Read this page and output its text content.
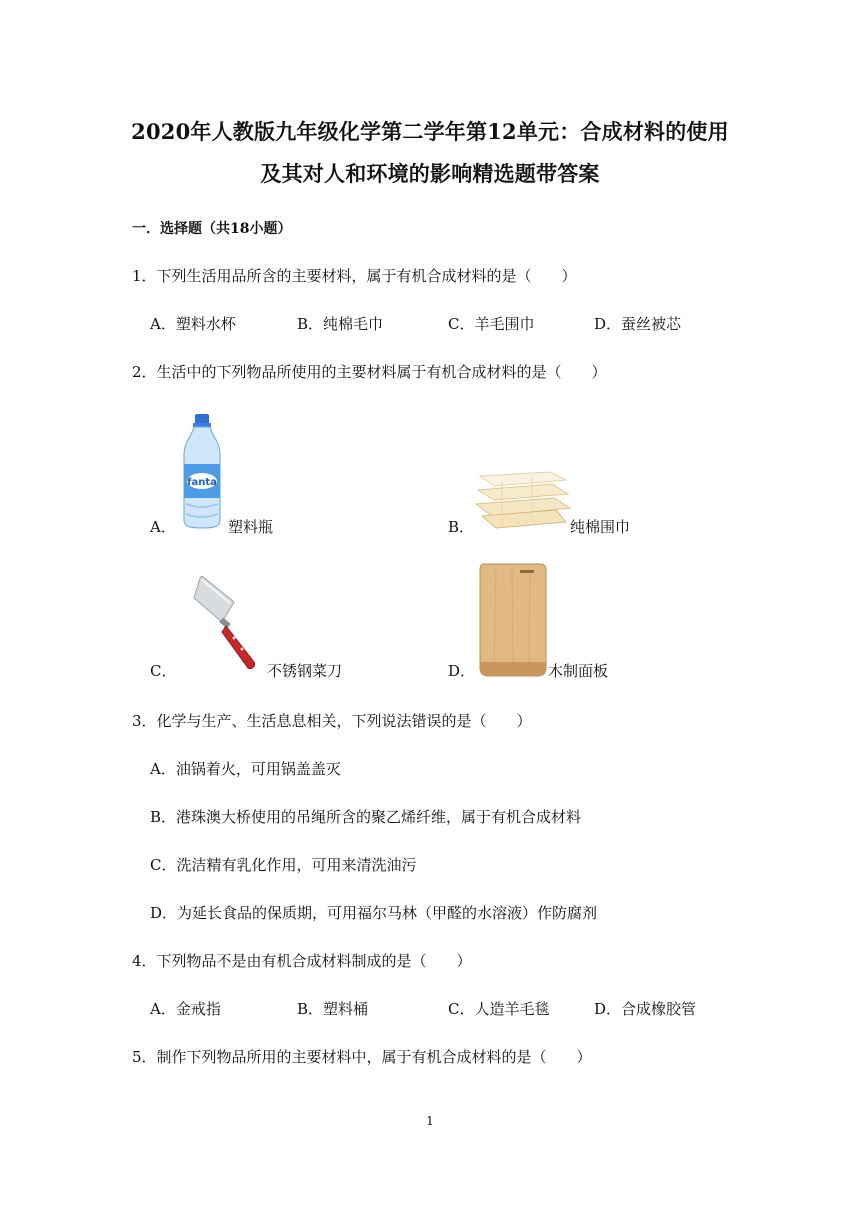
2020年人教版九年级化学第二学年第12单元：合成材料的使用
及其对人和环境的影响精选题带答案
一．选择题（共18小题）
1．下列生活用品所含的主要材料，属于有机合成材料的是（　　）
A．塑料水杯	B．纯棉毛巾	C．羊毛围巾	D．蚕丝被芯
2．生活中的下列物品所使用的主要材料属于有机合成材料的是（　　）
A．
fanta
塑料瓶	B．	纯棉围巾
C．	不锈钢菜刀	D．	木制面板
3．化学与生产、生活息息相关，下列说法错误的是（　　）
A．油锅着火，可用锅盖盖灭
B．港珠澳大桥使用的吊绳所含的聚乙烯纤维，属于有机合成材料
C．洗洁精有乳化作用，可用来清洗油污
D．为延长食品的保质期，可用福尔马林（甲醛的水溶液）作防腐剂
4．下列物品不是由有机合成材料制成的是（　　）
A．金戒指	B．塑料桶	C．人造羊毛毯	D．合成橡胶管
5．制作下列物品所用的主要材料中，属于有机合成材料的是（　　）
1
